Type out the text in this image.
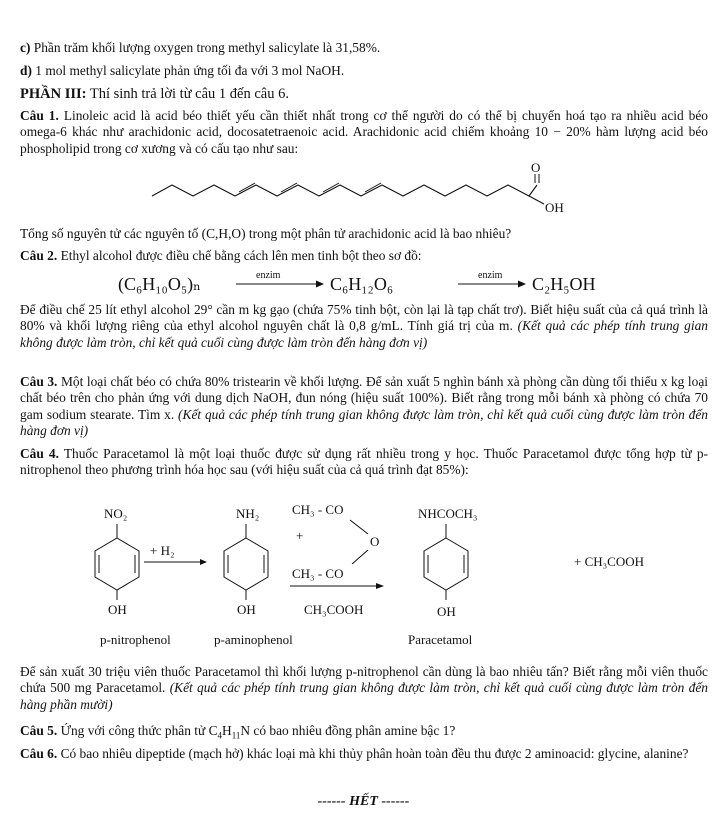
c) Phần trăm khối lượng oxygen trong methyl salicylate là 31,58%.
d) 1 mol methyl salicylate phản ứng tối đa với 3 mol NaOH.
PHẦN III: Thí sinh trả lời từ câu 1 đến câu 6.

Câu 1. Linoleic acid là acid béo thiết yếu cần thiết nhất trong cơ thể người do có thể bị chuyển hoá tạo ra nhiều acid béo omega-6 khác như arachidonic acid, docosatetraenoic acid. Arachidonic acid chiếm khoảng 10 − 20% hàm lượng acid béo phospholipid trong cơ xương và có cấu tạo như sau:

O
OH
Tổng số nguyên tử các nguyên tố (C,H,O) trong một phân tử arachidonic acid là bao nhiêu?
Câu 2. Ethyl alcohol được điều chế bằng cách lên men tinh bột theo sơ đồ:
(C₆H₁₀O₅)ₙ	enzim	C₆H₁₂O₆	enzim C₂H₅OH

Để điều chế 25 lít ethyl alcohol 29° cần m kg gạo (chứa 75% tinh bột, còn lại là tạp chất trơ). Biết hiệu suất của cả quá trình là 80% và khối lượng riêng của ethyl alcohol nguyên chất là 0,8 g/mL. Tính giá trị của m. (Kết quả các phép tính trung gian không được làm tròn, chỉ kết quả cuối cùng được làm tròn đến hàng đơn vị)

Câu 3. Một loại chất béo có chứa 80% tristearin về khối lượng. Để sản xuất 5 nghìn bánh xà phòng cần dùng tối thiểu x kg loại chất béo trên cho phản ứng với dung dịch NaOH, đun nóng (hiệu suất 100%). Biết rằng trong mỗi bánh xà phòng có chứa 70 gam sodium stearate. Tìm x. (Kết quả các phép tính trung gian không được làm tròn, chỉ kết quả cuối cùng được làm tròn đến hàng đơn vị)

Câu 4. Thuốc Paracetamol là một loại thuốc được sử dụng rất nhiều trong y học. Thuốc Paracetamol được tổng hợp từ p-nitrophenol theo phương trình hóa học sau (với hiệu suất của cả quá trình đạt 85%):

NO₂
OH
+ H₂
NH₂
OH
CH₃ - CO
+	O
CH₃ - CO
CH₃COOH
NHCOCH₃
OH
+ CH₃COOH
p-nitrophenol	p-aminophenol	Paracetamol

Để sản xuất 30 triệu viên thuốc Paracetamol thì khối lượng p-nitrophenol cần dùng là bao nhiêu tấn? Biết rằng mỗi viên thuốc chứa 500 mg Paracetamol. (Kết quả các phép tính trung gian không được làm tròn, chỉ kết quả cuối cùng được làm tròn đến hàng phần mười)

Câu 5. Ứng với công thức phân tử $C_4H_{11}N$ có bao nhiêu đồng phân amine bậc 1?

Câu 6. Có bao nhiêu dipeptide (mạch hở) khác loại mà khi thủy phân hoàn toàn đều thu được 2 aminoacid: glycine, alanine?

------ HẾT ------
